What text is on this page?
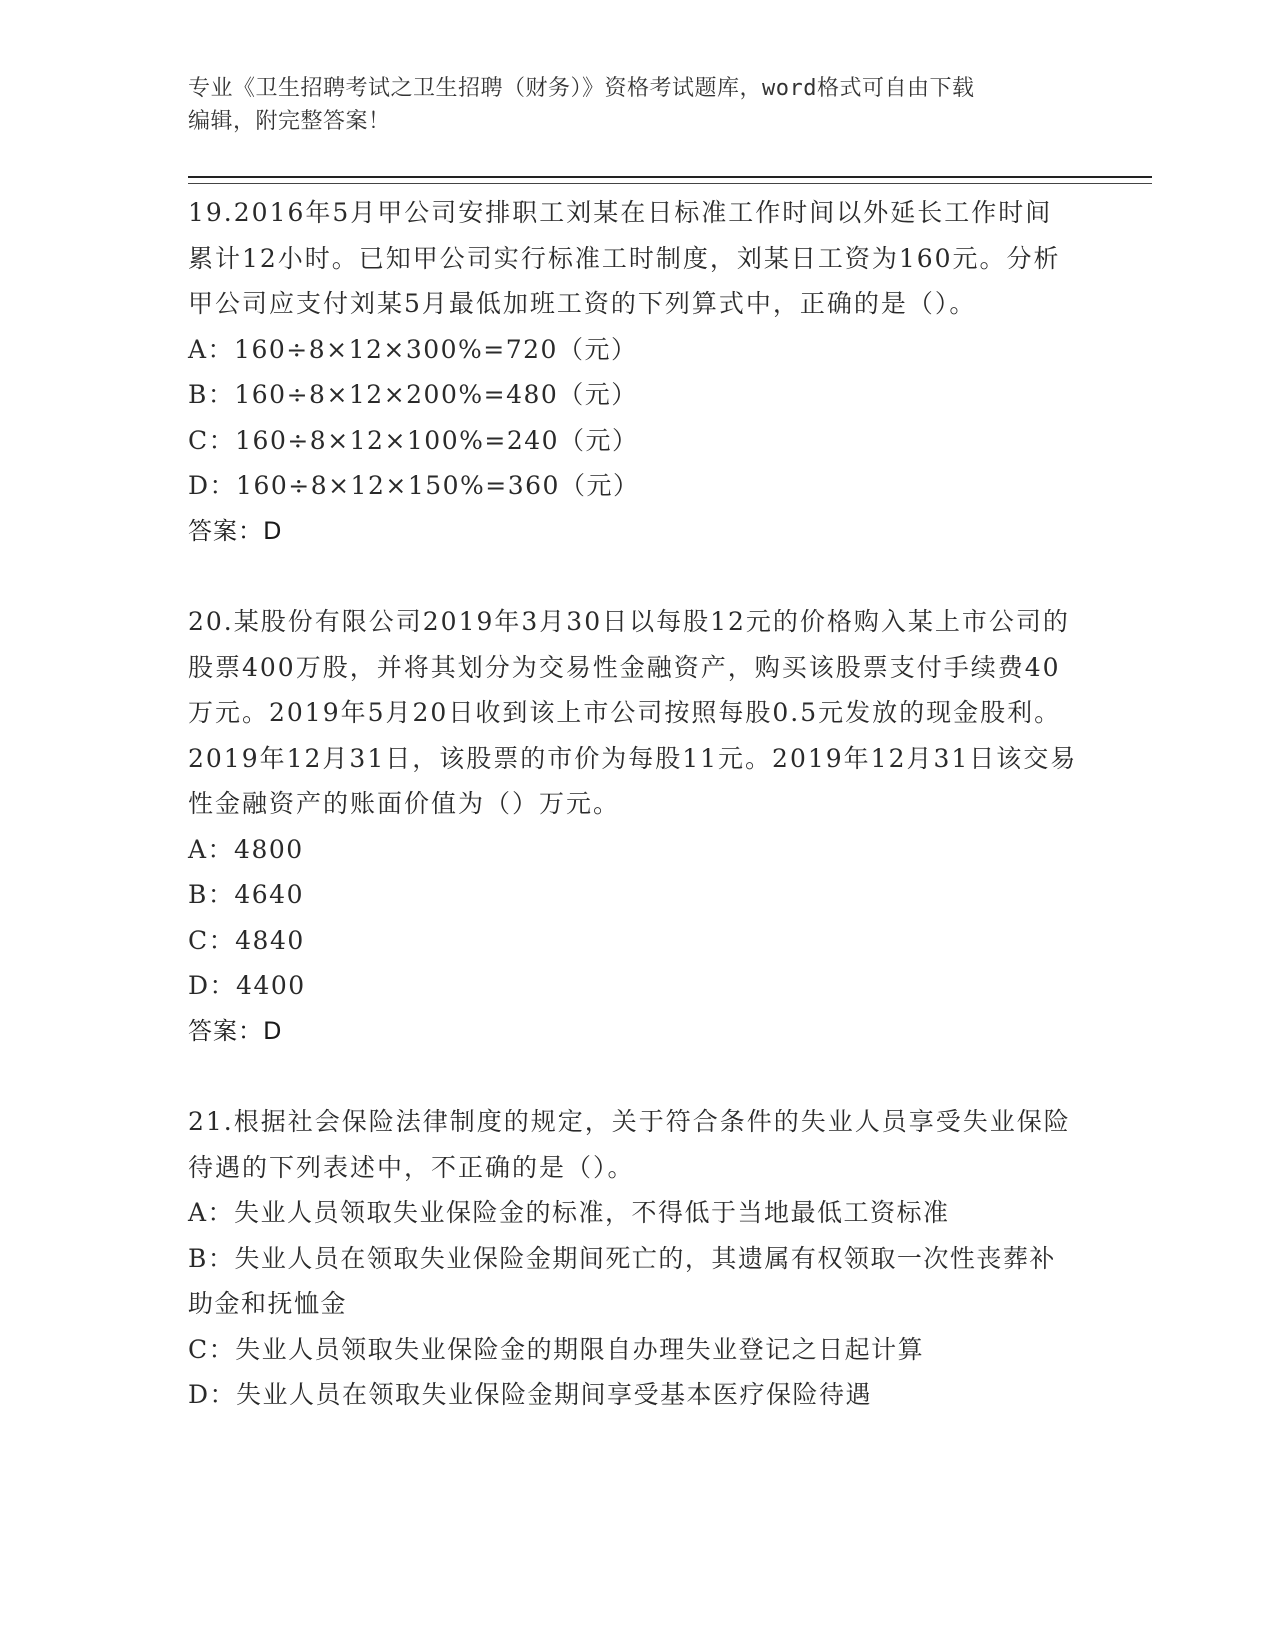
专业《卫生招聘考试之卫生招聘（财务）》资格考试题库，word格式可自由下载
编辑，附完整答案！

19.2016年5月甲公司安排职工刘某在日标准工作时间以外延长工作时间累计12小时。已知甲公司实行标准工时制度，刘某日工资为160元。分析甲公司应支付刘某5月最低加班工资的下列算式中，正确的是（）。

A：160÷8×12×300%=720（元）

B：160÷8×12×200%=480（元）

C：160÷8×12×100%=240（元）

D：160÷8×12×150%=360（元）

答案：D

20.某股份有限公司2019年3月30日以每股12元的价格购入某上市公司的股票400万股，并将其划分为交易性金融资产，购买该股票支付手续费40万元。2019年5月20日收到该上市公司按照每股0.5元发放的现金股利。2019年12月31日，该股票的市价为每股11元。2019年12月31日该交易性金融资产的账面价值为（）万元。

A：4800

B：4640

C：4840

D：4400

答案：D

21.根据社会保险法律制度的规定，关于符合条件的失业人员享受失业保险待遇的下列表述中，不正确的是（）。

A：失业人员领取失业保险金的标准，不得低于当地最低工资标准

B：失业人员在领取失业保险金期间死亡的，其遗属有权领取一次性丧葬补助金和抚恤金

C：失业人员领取失业保险金的期限自办理失业登记之日起计算

D：失业人员在领取失业保险金期间享受基本医疗保险待遇
